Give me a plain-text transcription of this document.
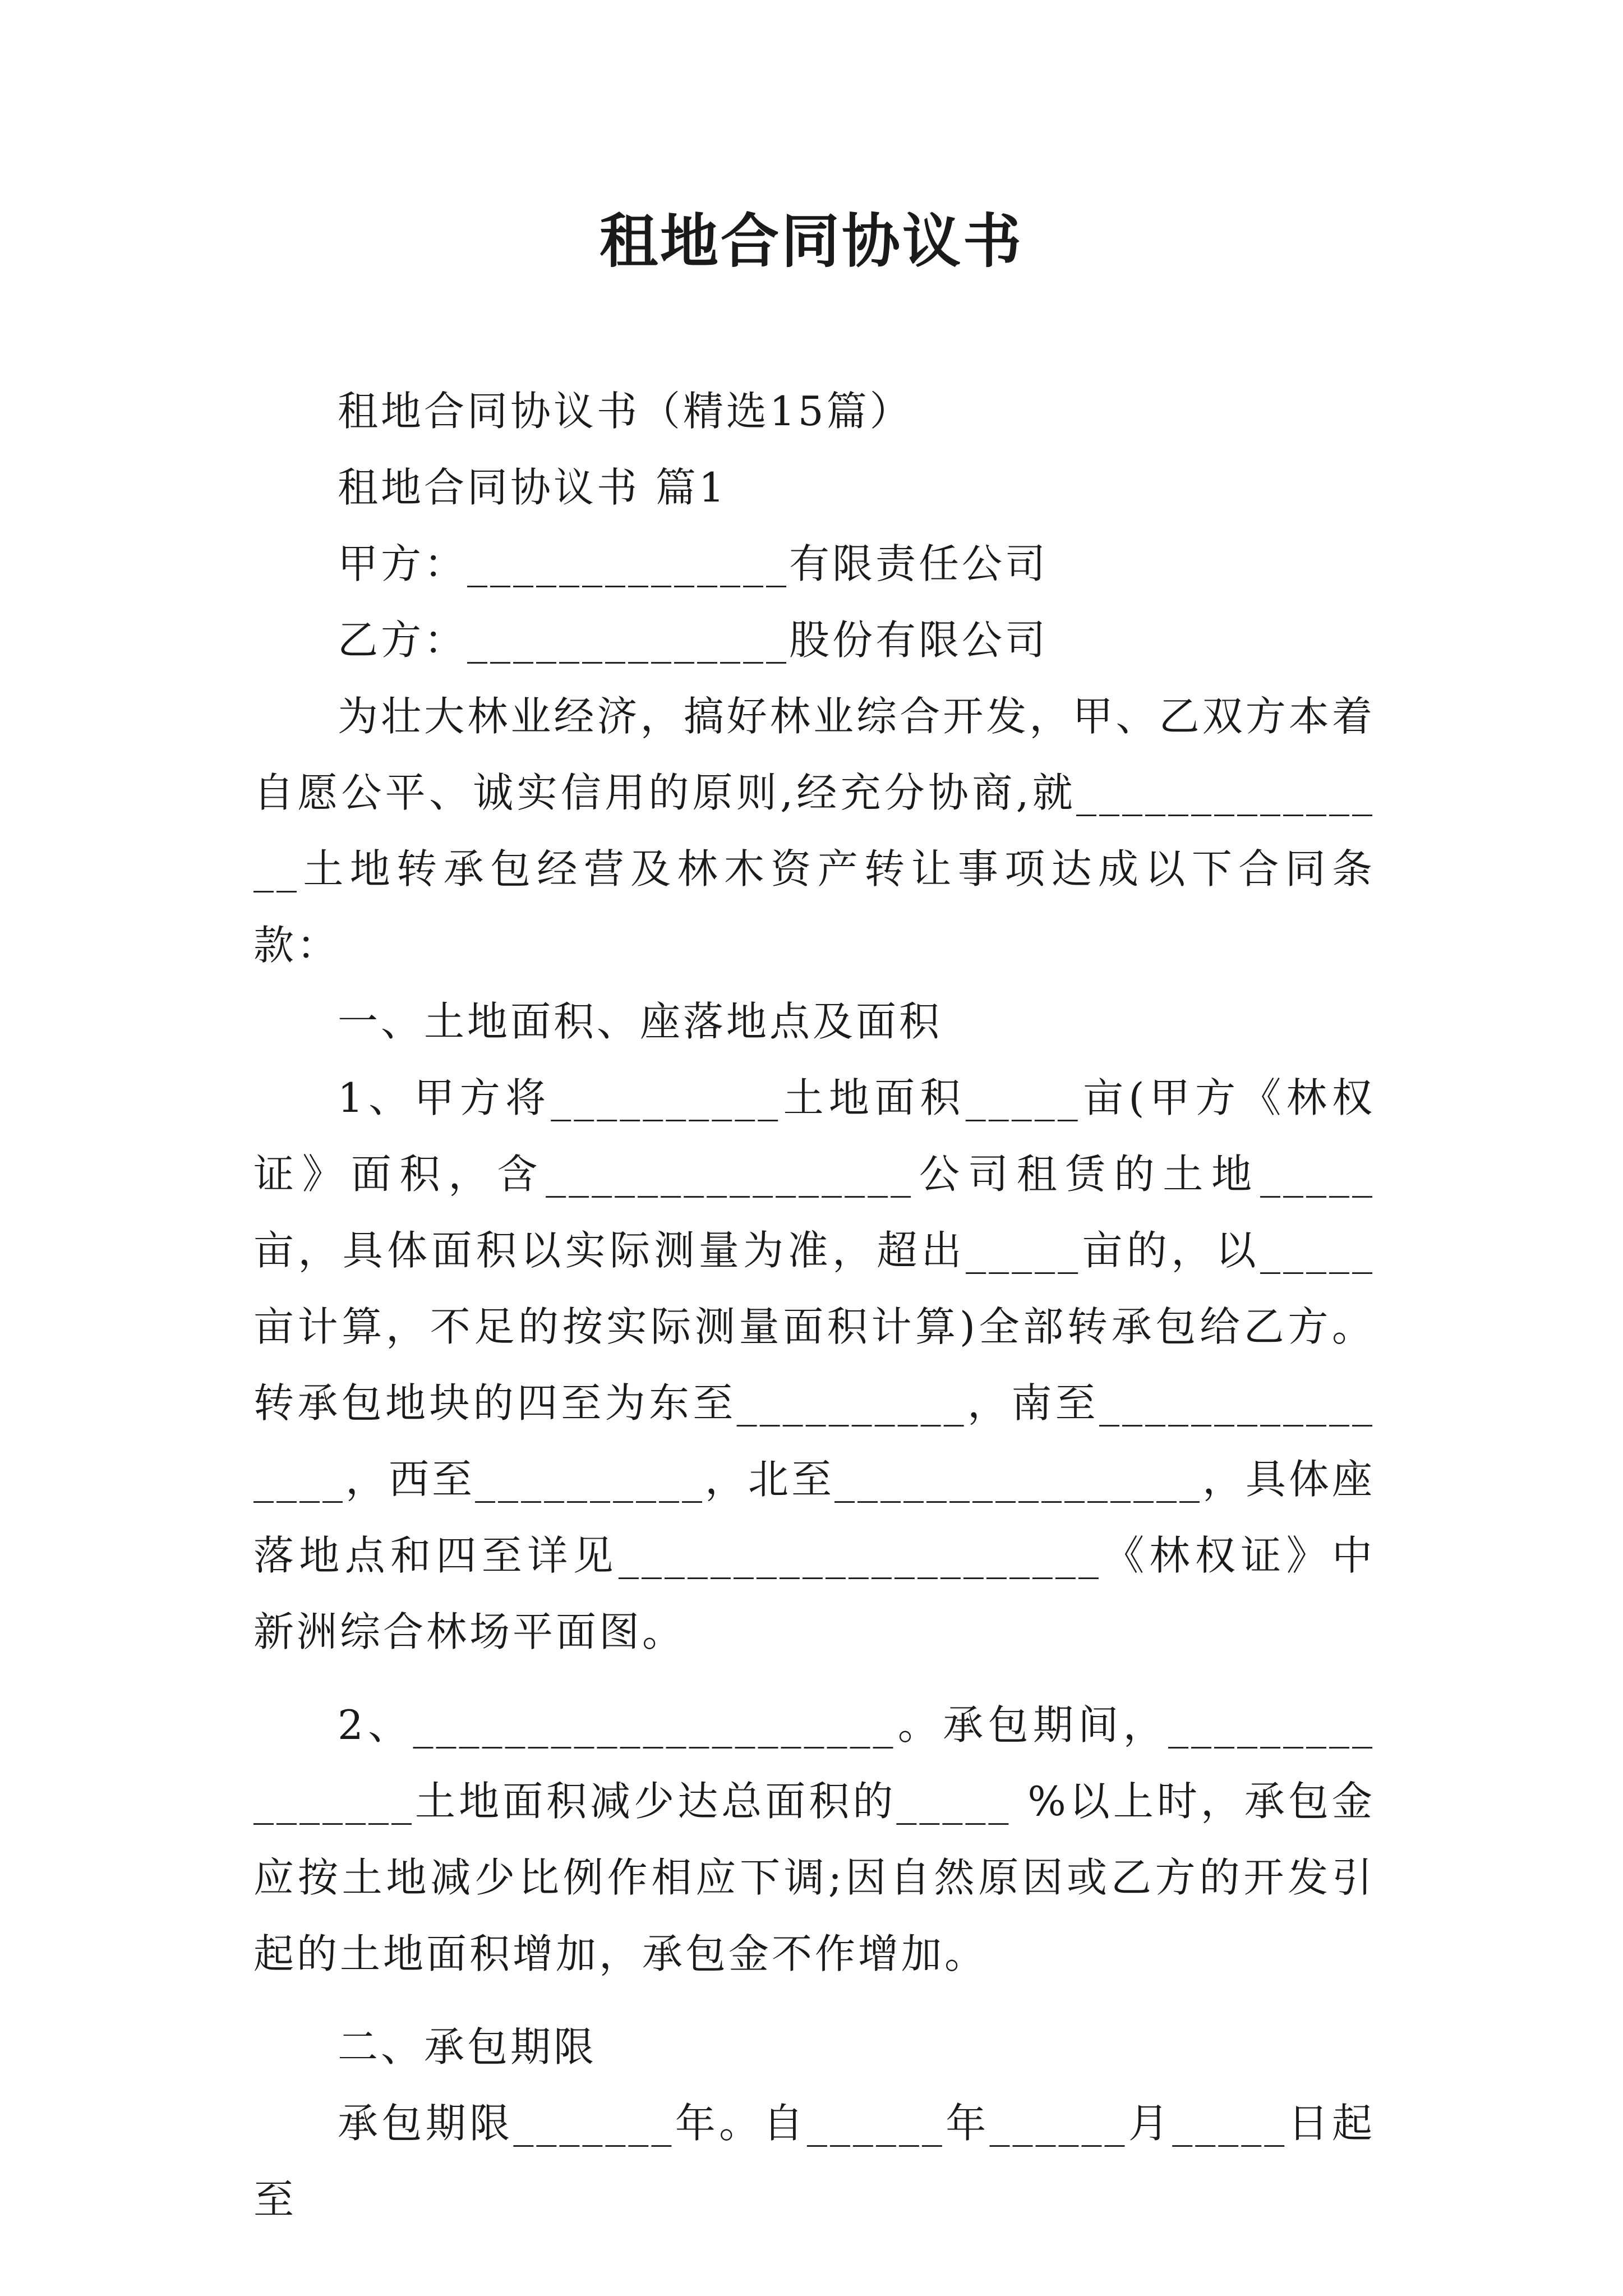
租地合同协议书

租地合同协议书（精选15篇）

租地合同协议书 篇1

甲方：______________有限责任公司

乙方：______________股份有限公司

为壮大林业经济，搞好林业综合开发，甲、乙双方本着自愿公平、诚实信用的原则,经充分协商,就_______________土地转承包经营及林木资产转让事项达成以下合同条款：

一、土地面积、座落地点及面积

1、甲方将__________土地面积_____亩(甲方《林权证》面积，含________________公司租赁的土地_____亩，具体面积以实际测量为准，超出_____亩的，以_____亩计算，不足的按实际测量面积计算)全部转承包给乙方。转承包地块的四至为东至__________，南至________________，西至__________，北至________________，具体座落地点和四至详见_____________________《林权证》中新洲综合林场平面图。

2、_____________________。承包期间，________________土地面积减少达总面积的_____ %以上时，承包金应按土地减少比例作相应下调;因自然原因或乙方的开发引起的土地面积增加，承包金不作增加。

二、承包期限

承包期限_______年。自______年______月_____日起至
